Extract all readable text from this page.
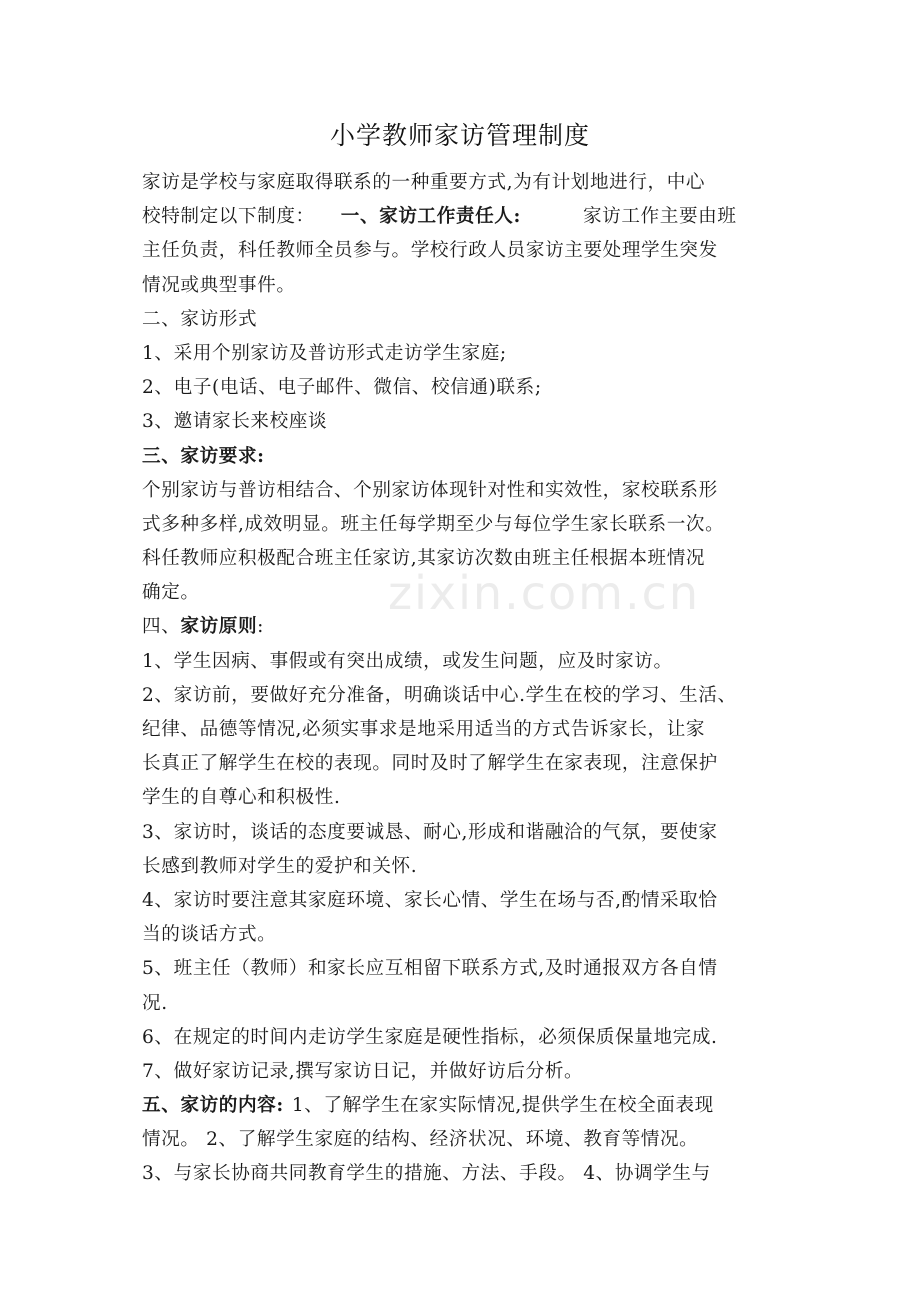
小学教师家访管理制度
zixin.com.cn
家访是学校与家庭取得联系的一种重要方式,为有计划地进行，中心
校特制定以下制度： 一、家访工作责任人:	家访工作主要由班
主任负责，科任教师全员参与。学校行政人员家访主要处理学生突发
情况或典型事件。
二、家访形式
1、采用个别家访及普访形式走访学生家庭;
2、电子(电话、电子邮件、微信、校信通)联系;
3、邀请家长来校座谈
三、家访要求:
个别家访与普访相结合、个别家访体现针对性和实效性，家校联系形
式多种多样,成效明显。班主任每学期至少与每位学生家长联系一次。
科任教师应积极配合班主任家访,其家访次数由班主任根据本班情况
确定。
四、家访原则:
1、学生因病、事假或有突出成绩，或发生问题，应及时家访。
2、家访前，要做好充分准备，明确谈话中心.学生在校的学习、生活、
纪律、品德等情况,必须实事求是地采用适当的方式告诉家长，让家
长真正了解学生在校的表现。同时及时了解学生在家表现，注意保护
学生的自尊心和积极性.
3、家访时，谈话的态度要诚恳、耐心,形成和谐融洽的气氛，要使家
长感到教师对学生的爱护和关怀.
4、家访时要注意其家庭环境、家长心情、学生在场与否,酌情采取恰
当的谈话方式。
5、班主任（教师）和家长应互相留下联系方式,及时通报双方各自情
况.
6、在规定的时间内走访学生家庭是硬性指标，必须保质保量地完成.
7、做好家访记录,撰写家访日记，并做好访后分析。
五、家访的内容: 1、了解学生在家实际情况,提供学生在校全面表现
情况。 2、了解学生家庭的结构、经济状况、环境、教育等情况。
3、与家长协商共同教育学生的措施、方法、手段。 4、协调学生与
